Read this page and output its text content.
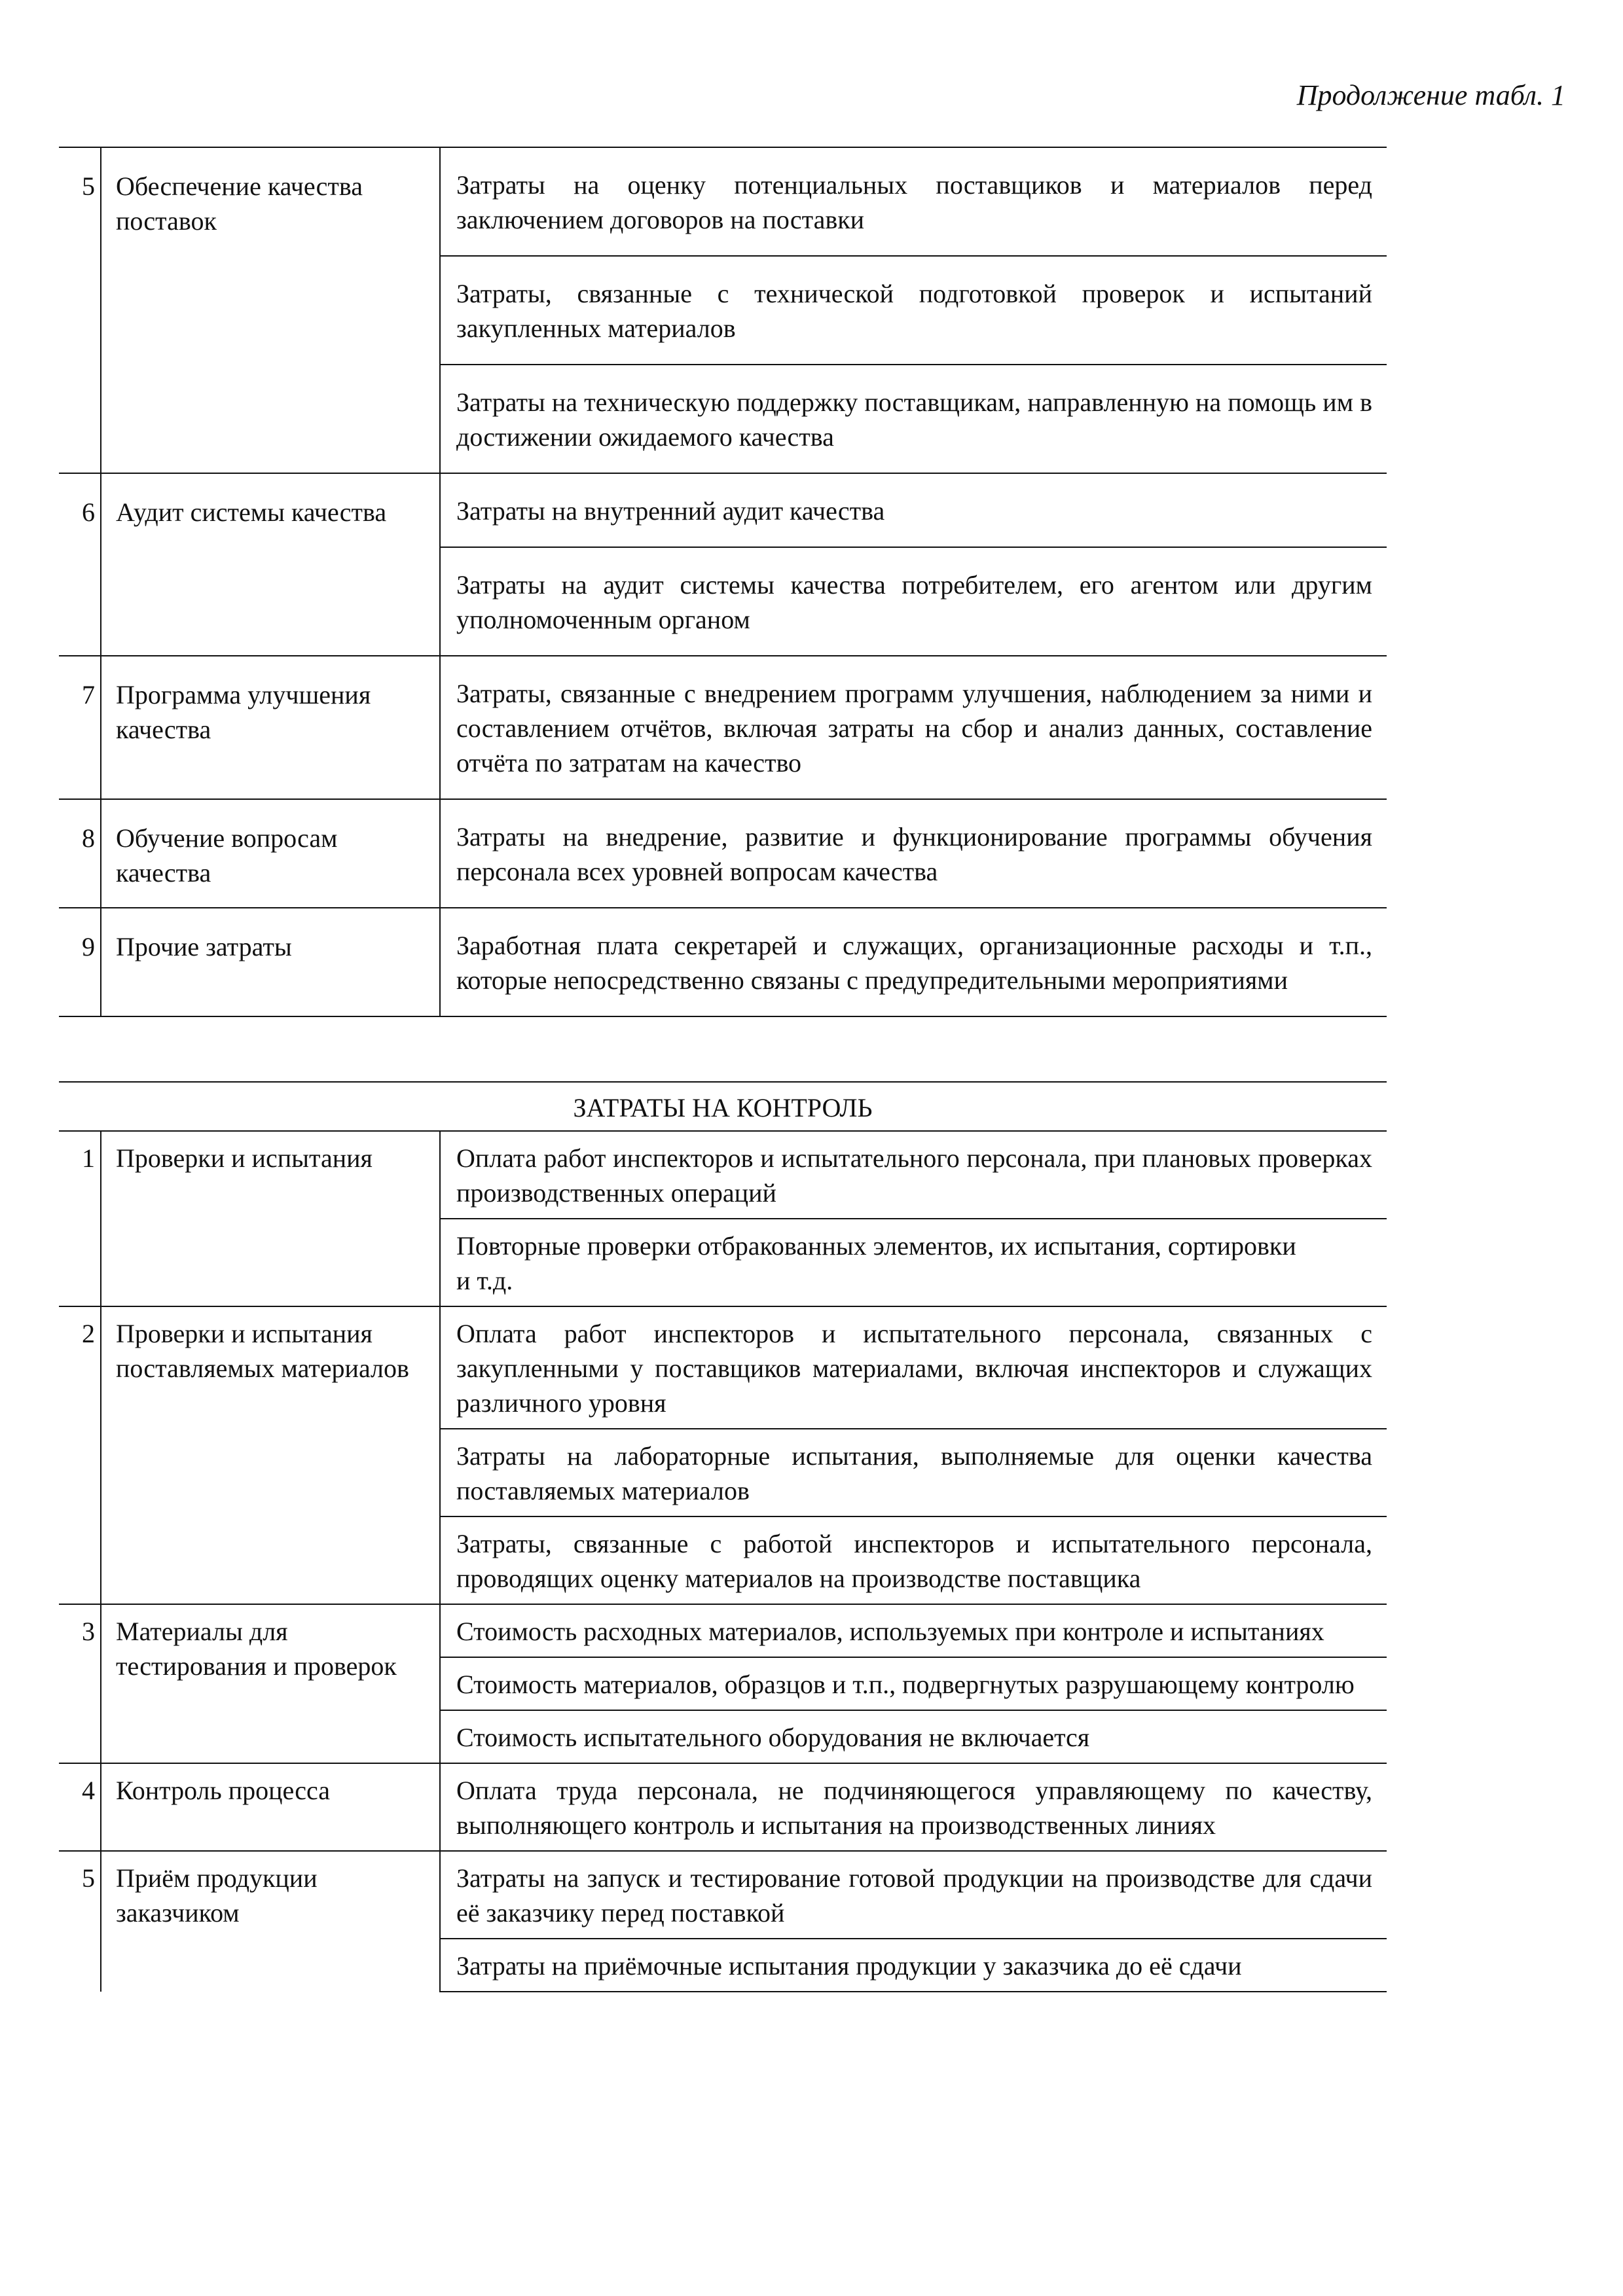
Продолжение табл. 1
5	Обеспечение качества поставок	Затраты на оценку потенциальных поставщиков и материалов перед заключением договоров на поставки
		Затраты, связанные с технической подготовкой проверок и испытаний закупленных материалов
		Затраты на техническую поддержку поставщикам, направленную на помощь им в достижении ожидаемого качества
6	Аудит системы качества	Затраты на внутренний аудит качества
		Затраты на аудит системы качества потребителем, его агентом или другим уполномоченным органом
7	Программа улучшения качества	Затраты, связанные с внедрением программ улучшения, наблюдением за ними и составлением отчётов, включая затраты на сбор и анализ данных, составление отчёта по затратам на качество
8	Обучение вопросам качества	Затраты на внедрение, развитие и функционирование программы обучения персонала всех уровней вопросам качества
9	Прочие затраты	Заработная плата секретарей и служащих, организационные расходы и т.п., которые непосредственно связаны с предупредительными мероприятиями
ЗАТРАТЫ НА КОНТРОЛЬ		
1	Проверки и испытания	Оплата работ инспекторов и испытательного персонала, при плановых проверках производственных операций

		Повторные проверки отбракованных элементов, их испытания, сортировки
и т.д.

2	Проверки и испытания поставляемых материалов	Оплата работ инспекторов и испытательного персонала, связанных с закупленными у поставщиков материалами, включая инспекторов и служащих различного уровня
		Затраты на лабораторные испытания, выполняемые для оценки качества поставляемых материалов
		Затраты, связанные с работой инспекторов и испытательного персонала, проводящих оценку материалов на производстве поставщика
3	Материалы для тестирования и проверок	Стоимость расходных материалов, используемых при контроле и испытаниях
		Стоимость материалов, образцов и т.п., подвергнутых разрушающему контролю
		Стоимость испытательного оборудования не включается
4	Контроль процесса	Оплата труда персонала, не подчиняющегося управляющему по качеству, выполняющего контроль и испытания на производственных линиях
5	Приём продукции заказчиком	Затраты на запуск и тестирование готовой продукции на производстве для сдачи её заказчику перед поставкой
		Затраты на приёмочные испытания продукции у заказчика до её сдачи
